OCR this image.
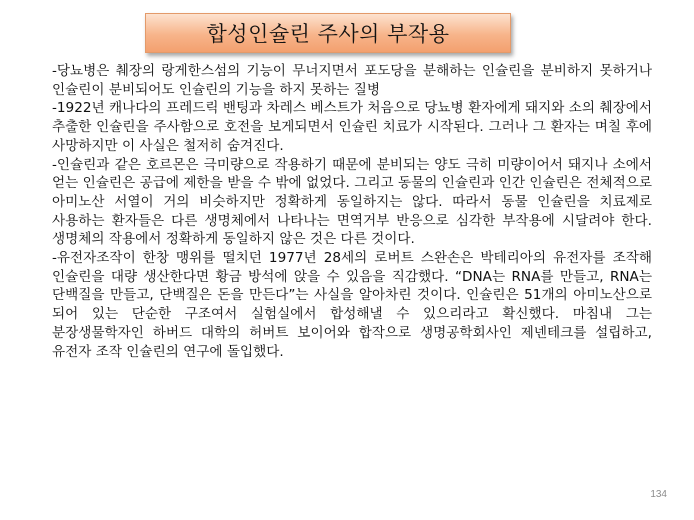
합성인슐린 주사의 부작용

-당뇨병은 췌장의 랑게한스섬의 기능이 무너지면서 포도당을 분해하는 인슐린을 분비하지 못하거나 인슐린이 분비되어도 인슐린의 기능을 하지 못하는 질병

-1922년 캐나다의 프레드릭 밴팅과 차레스 베스트가 처음으로 당뇨병 환자에게 돼지와 소의 췌장에서 추출한 인슐린을 주사함으로 호전을 보게되면서 인슐린 치료가 시작된다. 그러나 그 환자는 며칠 후에 사망하지만 이 사실은 철저히 숨겨진다.

-인슐린과 같은 호르몬은 극미량으로 작용하기 때문에 분비되는 양도 극히 미량이어서 돼지나 소에서 얻는 인슐린은 공급에 제한을 받을 수 밖에 없었다. 그리고 동물의 인슐린과 인간 인슐린은 전체적으로 아미노산 서열이 거의 비슷하지만 정확하게 동일하지는 않다. 따라서 동물 인슐린을 치료제로 사용하는 환자들은 다른 생명체에서 나타나는 면역거부 반응으로 심각한 부작용에 시달려야 한다. 생명체의 작용에서 정확하게 동일하지 않은 것은 다른 것이다.

-유전자조작이 한창 맹위를 떨치던 1977년 28세의 로버트 스완손은 박테리아의 유전자를 조작해 인슐린을 대량 생산한다면 황금 방석에 앉을 수 있음을 직감했다. “DNA는 RNA를 만들고, RNA는 단백질을 만들고, 단백질은 돈을 만든다”는 사실을 알아차린 것이다. 인슐린은 51개의 아미노산으로 되어 있는 단순한 구조여서 실험실에서 합성해낼 수 있으리라고 확신했다. 마침내 그는 분장생물학자인 하버드 대학의 허버트 보이어와 합작으로 생명공학회사인 제넨테크를 설립하고, 유전자 조작 인슐린의 연구에 돌입했다.

134
